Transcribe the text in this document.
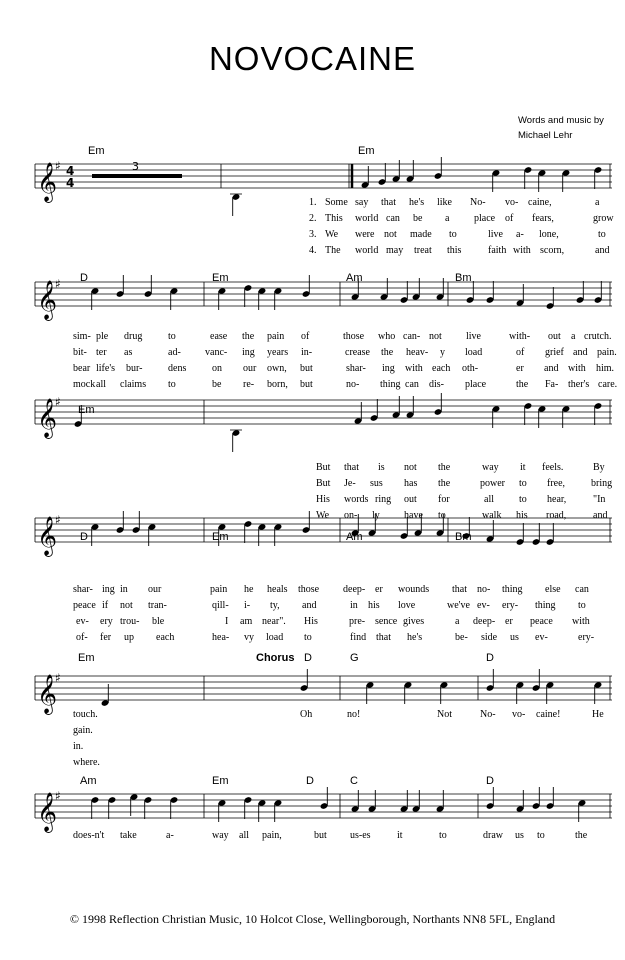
NOVOCAINE
Words and music by
Michael Lehr
𝄞
♯
𝄞
♯
𝄞
♯
𝄞
♯
𝄞
♯
𝄞
♯
4
4
3
Em	Em
1. Some say that he's like No- vo- caine,	a
2. This world can be a place of fears,	grow
3. We were not made to	live a- lone,	to
4. The world may treat this	faith with scorn,	and
D	Em	Am	Bm
sim- ple drug	to	ease the pain of	those who can- not live	with- out a crutch.
bit- ter as	ad- vanc- ing years in-	crease the heav- y load	of grief and pain.
bear life's bur-	dens	on our own, but	shar- ing with each oth-	er and with him.
mock all claims to	be re- born, but	no- thing can dis- place	the Fa- ther's care.
Em
But that is not the	way it feels.	By
But Je- sus has the	power to free,	bring
His words ring out for	all	to hear,	"In
We on- ly have to	walk his road,	and
D	Em	Am	Bm
shar- ing in our	pain he heals those deep- er wounds that no- thing else can
peace if not tran-	qill- i- ty, and	in his love	we've ev- ery- thing to
ev- ery trou- ble	I am near". His	pre- sence gives	a deep- er peace with
of- fer up each	hea- vy load to	find that he's	be- side us ev-	ery-
Em	D	G	D
touch.	Oh	no!	Not	No- vo- caine!	He
gain.
in.
where.
Am	Em	D	C	D
does-n't take	a-	way all pain,	but us-es	it	to	draw us to	the
Chorus
© 1998 Reflection Christian Music, 10 Holcot Close, Wellingborough, Northants NN8 5FL, England
